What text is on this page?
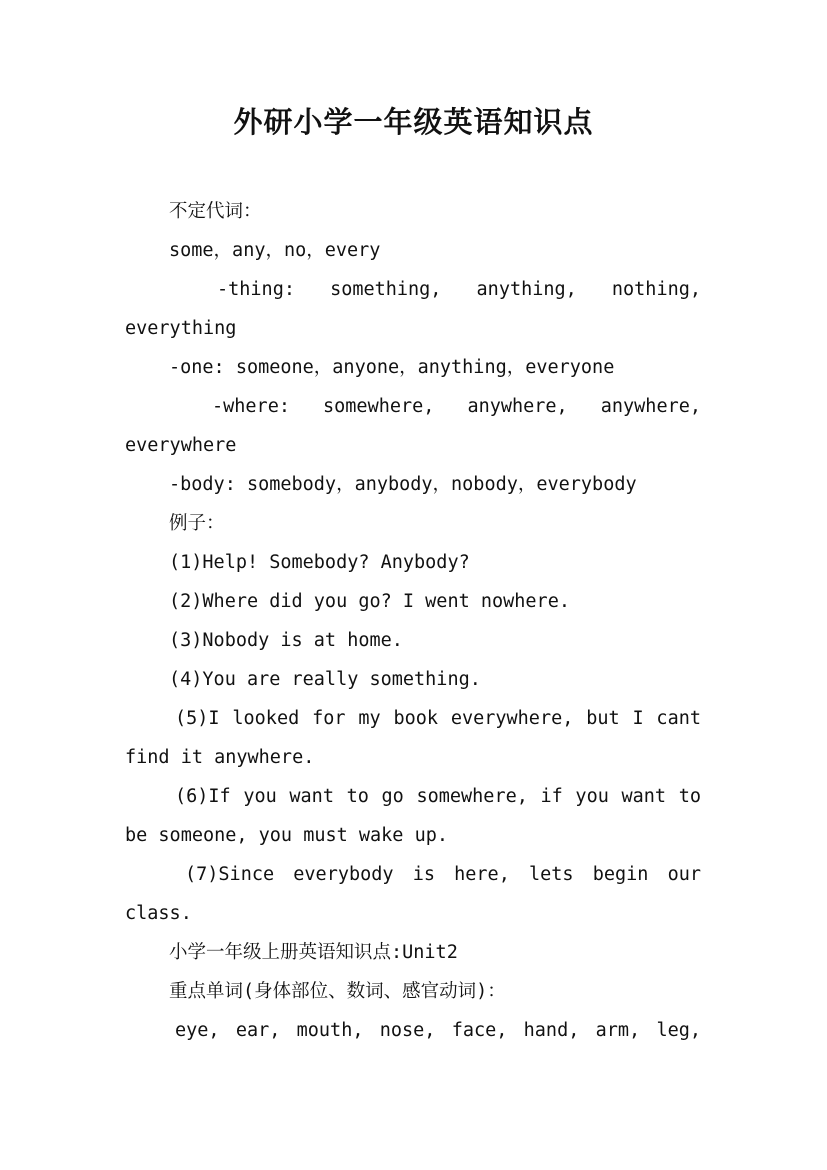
外研小学一年级英语知识点

不定代词：

some，any，no，every

-thing: something, anything, nothing,

everything

-one: someone，anyone，anything，everyone

-where: somewhere, anywhere, anywhere,

everywhere

-body: somebody，anybody，nobody，everybody

例子：

(1)Help! Somebody? Anybody?

(2)Where did you go? I went nowhere.

(3)Nobody is at home.

(4)You are really something.

(5)I looked for my book everywhere, but I cant

find it anywhere.

(6)If you want to go somewhere, if you want to

be someone, you must wake up.

(7)Since everybody is here, lets begin our

class.

小学一年级上册英语知识点:Unit2

重点单词(身体部位、数词、感官动词)：

eye, ear, mouth, nose, face, hand, arm, leg,
